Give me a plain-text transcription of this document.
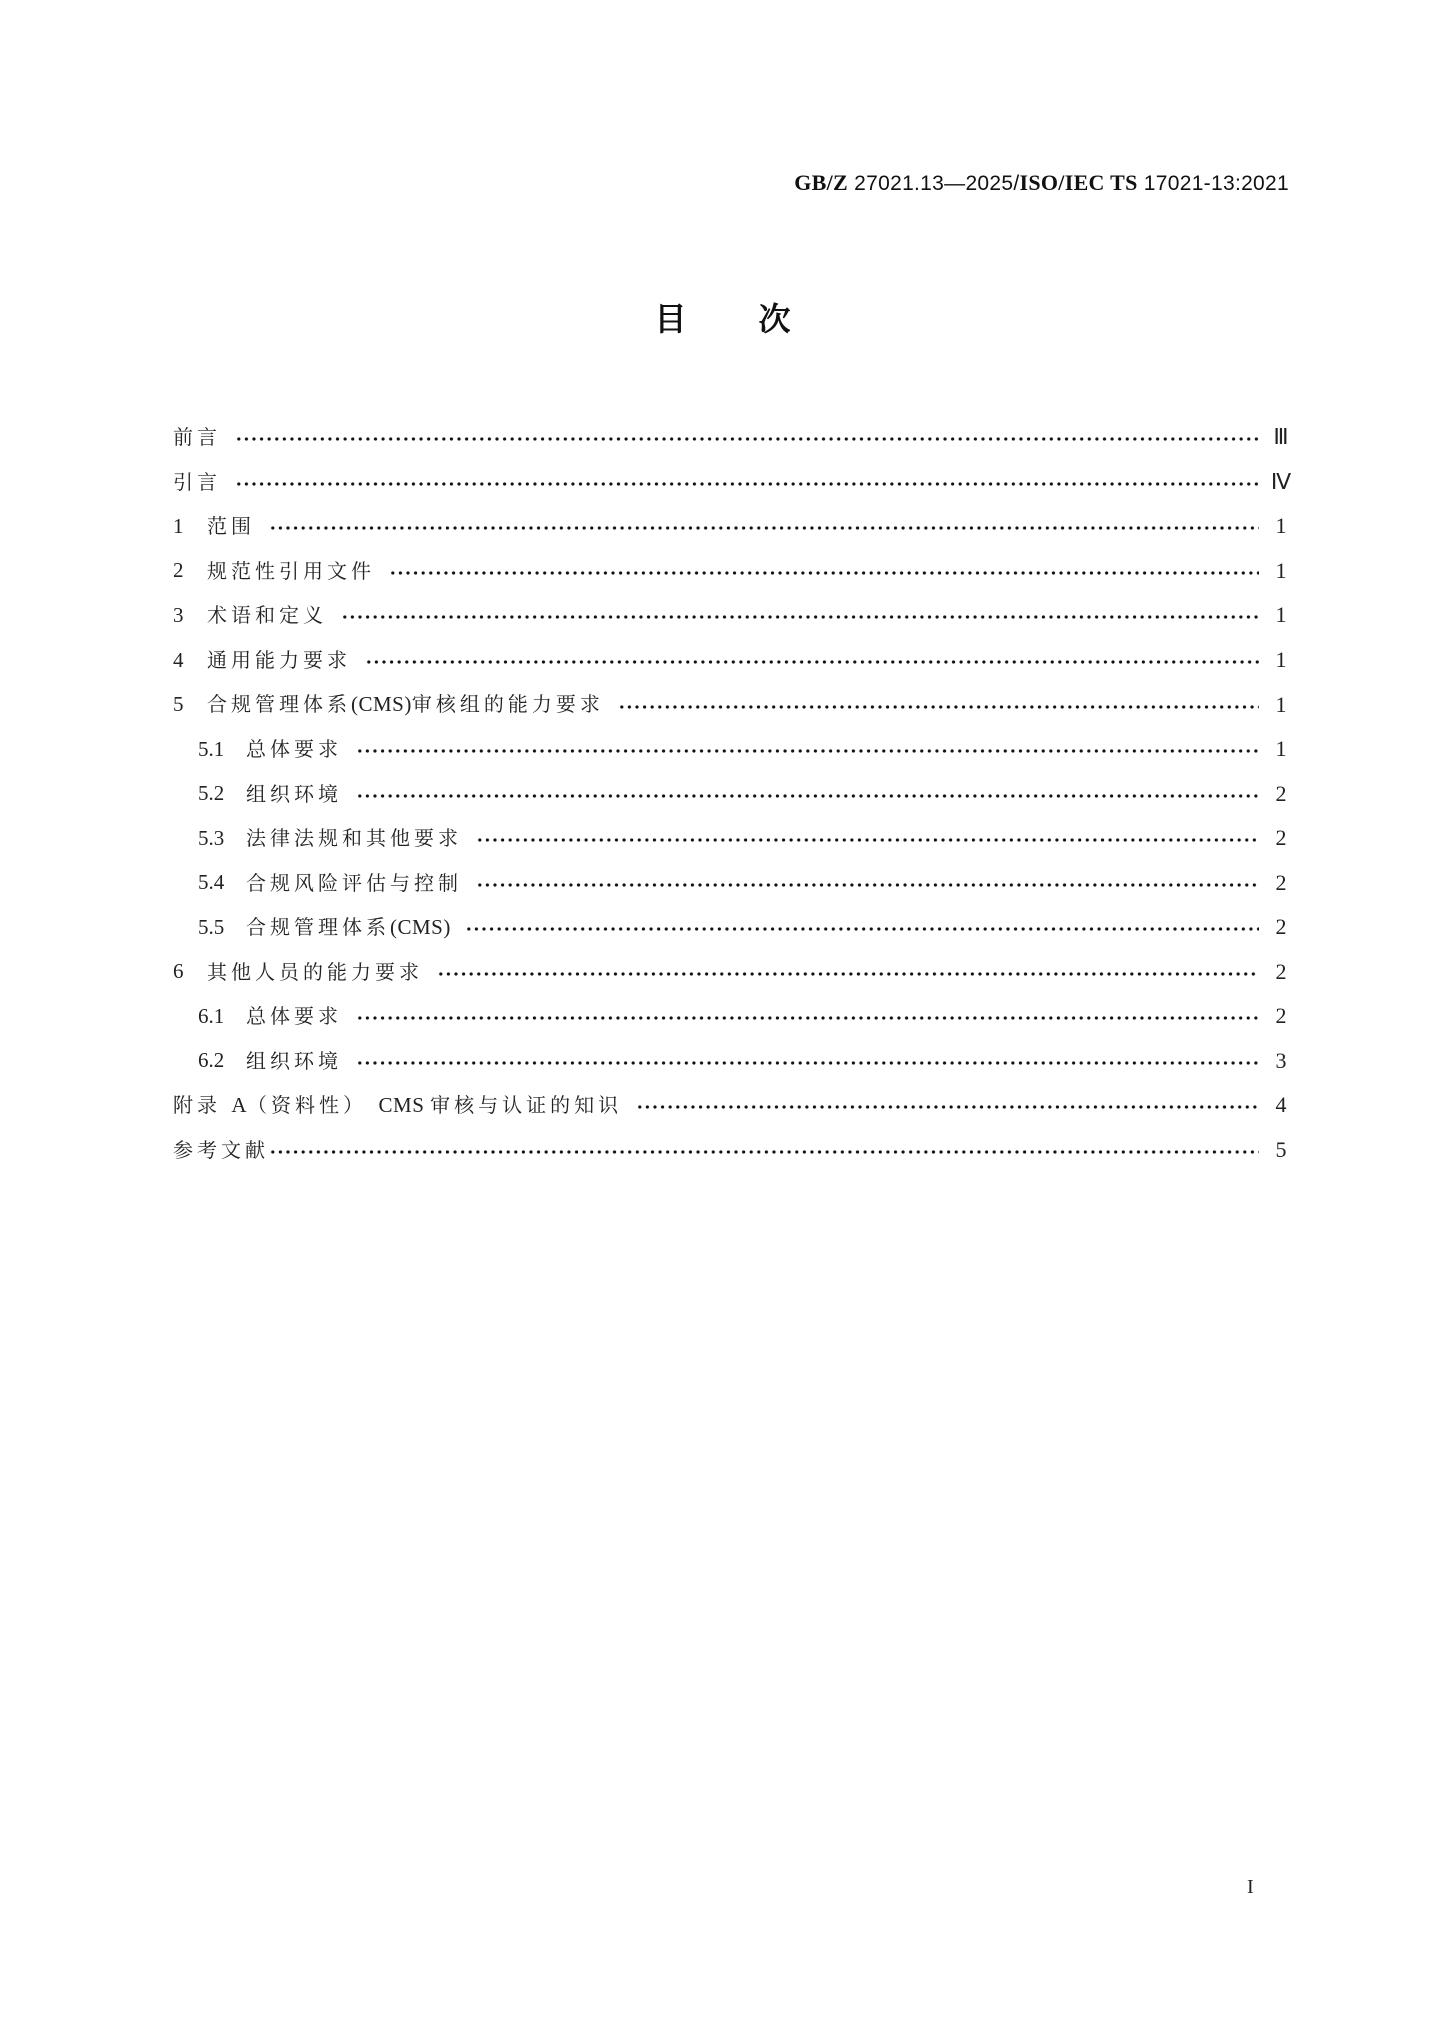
GB/Z 27021.13—2025/ISO/IEC TS 17021-13:2021
目 次
前言	Ⅲ
引言	Ⅳ
1	范围	1
2	规范性引用文件	1
3	术语和定义	1
4	通用能力要求	1
5	合规管理体系(CMS)审核组的能力要求	1
5.1	总体要求	1
5.2	组织环境	2
5.3	法律法规和其他要求	2
5.4	合规风险评估与控制	2
5.5	合规管理体系(CMS)	2
6	其他人员的能力要求	2
6.1	总体要求	2
6.2	组织环境	3
附录 A（资料性）  CMS 审核与认证的知识	4
参考文献	5
I
